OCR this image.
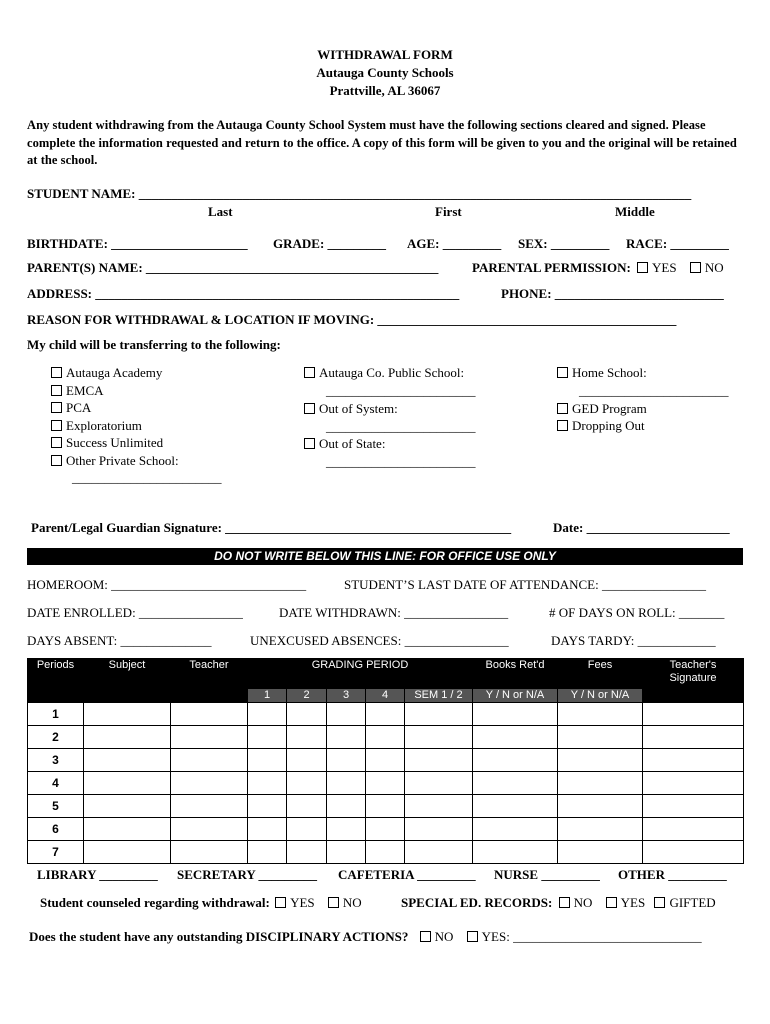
WITHDRAWAL FORM
Autauga County Schools
Prattville, AL 36067
Any student withdrawing from the Autauga County School System must have the following sections cleared and signed. Please complete the information requested and return to the office. A copy of this form will be given to you and the original will be retained at the school.
STUDENT NAME: _____________________________________________________________________________________
Last	First	Middle
BIRTHDATE: _____________________ GRADE: _________ AGE: _________ SEX: _________ RACE: _________
PARENT(S) NAME: _____________________________________________	PARENTAL PERMISSION: YES NO
ADDRESS: ________________________________________________________	PHONE: __________________________
REASON FOR WITHDRAWAL & LOCATION IF MOVING: ______________________________________________
My child will be transferring to the following:
Autauga Academy
EMCA
PCA
Exploratorium
Success Unlimited
Other Private School:
_______________________
Autauga Co. Public School:
_______________________
Out of System:
_______________________
Out of State:
_______________________
Home School:
_______________________
GED Program
Dropping Out
Parent/Legal Guardian Signature: ____________________________________________	Date: ______________________
DO NOT WRITE BELOW THIS LINE: FOR OFFICE USE ONLY
HOMEROOM: ______________________________	STUDENT’S LAST DATE OF ATTENDANCE: ________________
DATE ENROLLED: ________________	DATE WITHDRAWN: ________________	# OF DAYS ON ROLL: _______
DAYS ABSENT: ______________	UNEXCUSED ABSENCES: ________________	DAYS TARDY: ____________
Periods	Subject	Teacher	GRADING PERIOD					Books Ret'd	Fees	Teacher's
Signature

			1	2	3	4	SEM 1 / 2	Y / N or N/A	Y / N or N/A	
1										
2										
3										
4										
5										
6										
7										
LIBRARY _________ SECRETARY _________ CAFETERIA _________ NURSE _________ OTHER _________
Student counseled regarding withdrawal: YES NO	SPECIAL ED. RECORDS: NO YES GIFTED
Does the student have any outstanding DISCIPLINARY ACTIONS? NO YES: _____________________________
